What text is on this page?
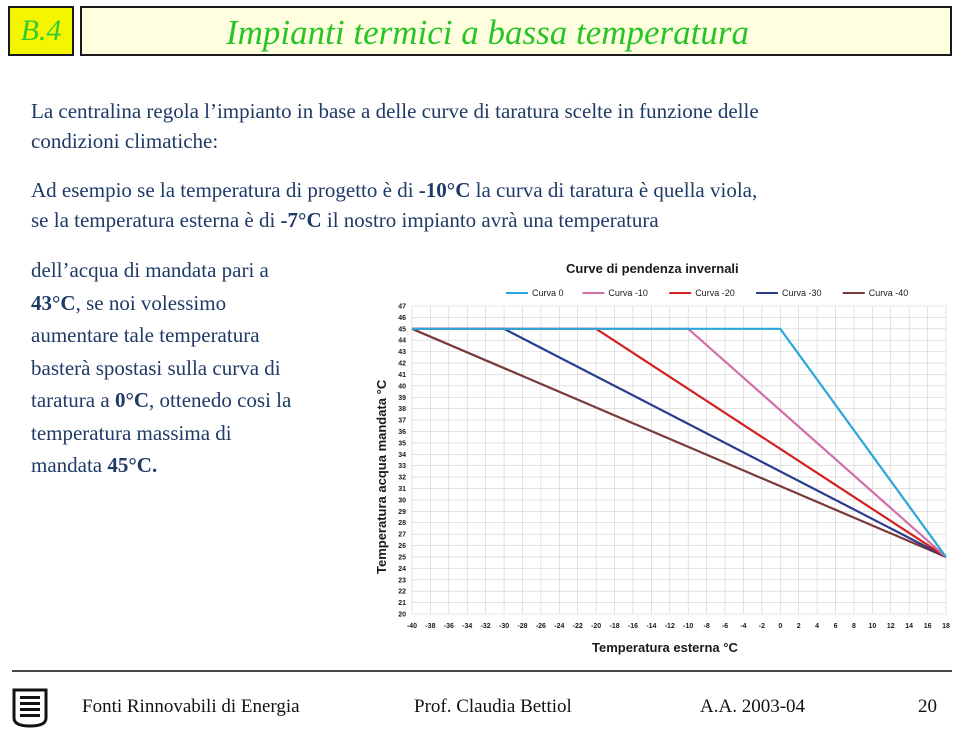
B.4	Impianti termici a bassa temperatura
La centralina regola l’impianto in base a delle curve di taratura scelte in funzione delle
condizioni climatiche:
Ad esempio se la temperatura di progetto è di -10°C la curva di taratura è quella viola,
se la temperatura esterna è di -7°C il nostro impianto avrà una temperatura
dell’acqua di mandata pari a
43°C, se noi volessimo
aumentare tale temperatura
basterà spostasi sulla curva di
taratura a 0°C, ottenedo cosi la
temperatura massima di
mandata 45°C.
Curve di pendenza invernali
Curva 0	Curva -10	Curva -20	Curva -30	Curva -40
47
46
45
44
43
42
41
40
39
38
37
36
35
34
33
32
31
30
29
28
27
26
25
24
23
22
21
20
-40 -38 -36 -34 -32 -30 -28 -26 -24 -22 -20 -18 -16 -14 -12 -10 -8 -6 -4 -2 0 2 4 6 8 10 12 14 16 18
Temperatura acqua mandata °C
Temperatura esterna °C
Fonti Rinnovabili di Energia	Prof. Claudia Bettiol	A.A. 2003-04	20
